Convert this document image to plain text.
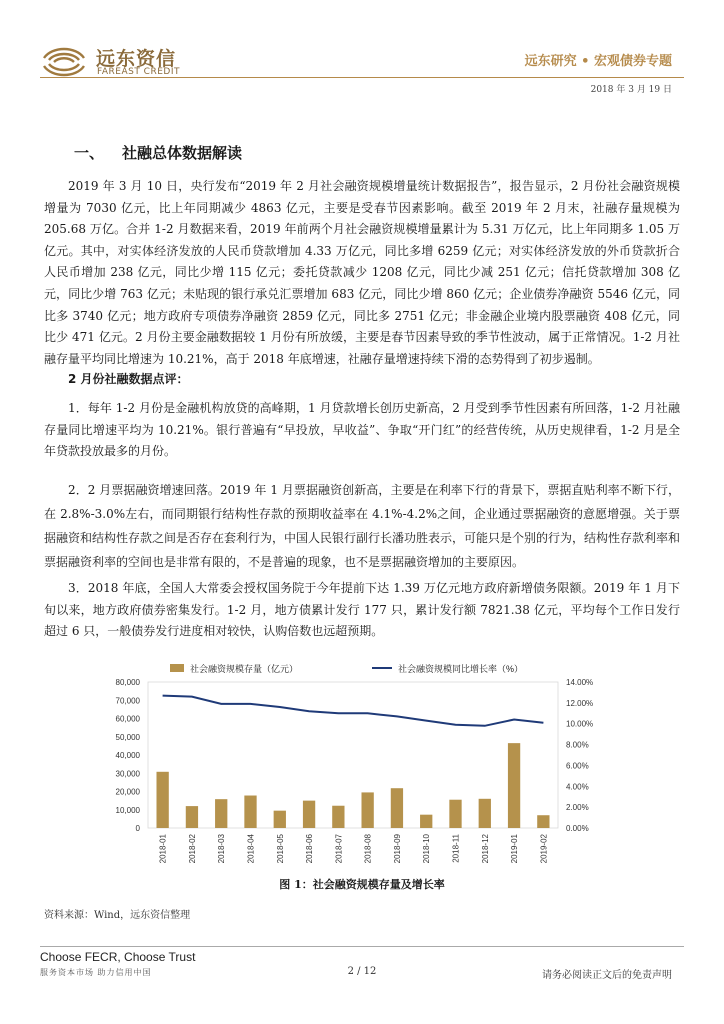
远东资信
FAREAST CREDIT
远东研究 • 宏观债券专题
2018 年 3 月 19 日
一、 社融总体数据解读
2019 年 3 月 10 日，央行发布“2019 年 2 月社会融资规模增量统计数据报告”，报告显示，2 月份社会融资规模增量为 7030 亿元，比上年同期减少 4863 亿元，主要是受春节因素影响。截至 2019 年 2 月末，社融存量规模为 205.68 万亿。合并 1-2 月数据来看，2019 年前两个月社会融资规模增量累计为 5.31 万亿元，比上年同期多 1.05 万亿元。其中，对实体经济发放的人民币贷款增加 4.33 万亿元，同比多增 6259 亿元；对实体经济发放的外币贷款折合人民币增加 238 亿元，同比少增 115 亿元；委托贷款减少 1208 亿元，同比少减 251 亿元；信托贷款增加 308 亿元，同比少增 763 亿元；未贴现的银行承兑汇票增加 683 亿元，同比少增 860 亿元；企业债券净融资 5546 亿元，同比多 3740 亿元；地方政府专项债券净融资 2859 亿元，同比多 2751 亿元；非金融企业境内股票融资 408 亿元，同比少 471 亿元。2 月份主要金融数据较 1 月份有所放缓，主要是春节因素导致的季节性波动，属于正常情况。1-2 月社融存量平均同比增速为 10.21%，高于 2018 年底增速，社融存量增速持续下滑的态势得到了初步遏制。
2 月份社融数据点评：
1．每年 1-2 月份是金融机构放贷的高峰期，1 月贷款增长创历史新高，2 月受到季节性因素有所回落，1-2 月社融存量同比增速平均为 10.21%。银行普遍有“早投放，早收益”、争取“开门红”的经营传统，从历史规律看，1-2 月是全年贷款投放最多的月份。
2．2 月票据融资增速回落。2019 年 1 月票据融资创新高，主要是在利率下行的背景下，票据直贴利率不断下行，在 2.8%-3.0%左右，而同期银行结构性存款的预期收益率在 4.1%-4.2%之间，企业通过票据融资的意愿增强。关于票据融资和结构性存款之间是否存在套利行为，中国人民银行副行长潘功胜表示，可能只是个别的行为，结构性存款利率和票据融资利率的空间也是非常有限的，不是普遍的现象，也不是票据融资增加的主要原因。
3．2018 年底，全国人大常委会授权国务院于今年提前下达 1.39 万亿元地方政府新增债务限额。2019 年 1 月下旬以来，地方政府债券密集发行。1-2 月，地方债累计发行 177 只，累计发行额 7821.38 亿元，平均每个工作日发行超过 6 只，一般债券发行进度相对较快，认购倍数也远超预期。
社会融资规模存量（亿元）	社会融资规模同比增长率（%）
0
10,000
20,000
30,000
40,000
50,000
60,000
70,000
80,000
0.00%
2.00%
4.00%
6.00%
8.00%
10.00%
12.00%
14.00%
2018-01	2018-02	2018-03	2018-04	2018-05	2018-06	2018-07	2018-08	2018-09	2018-10	2018-11	2018-12	2019-01	2019-02
图 1：社会融资规模存量及增长率
资料来源：Wind，远东资信整理
Choose FECR, Choose Trust
服务资本市场 助力信用中国	2 / 12	请务必阅读正文后的免责声明
